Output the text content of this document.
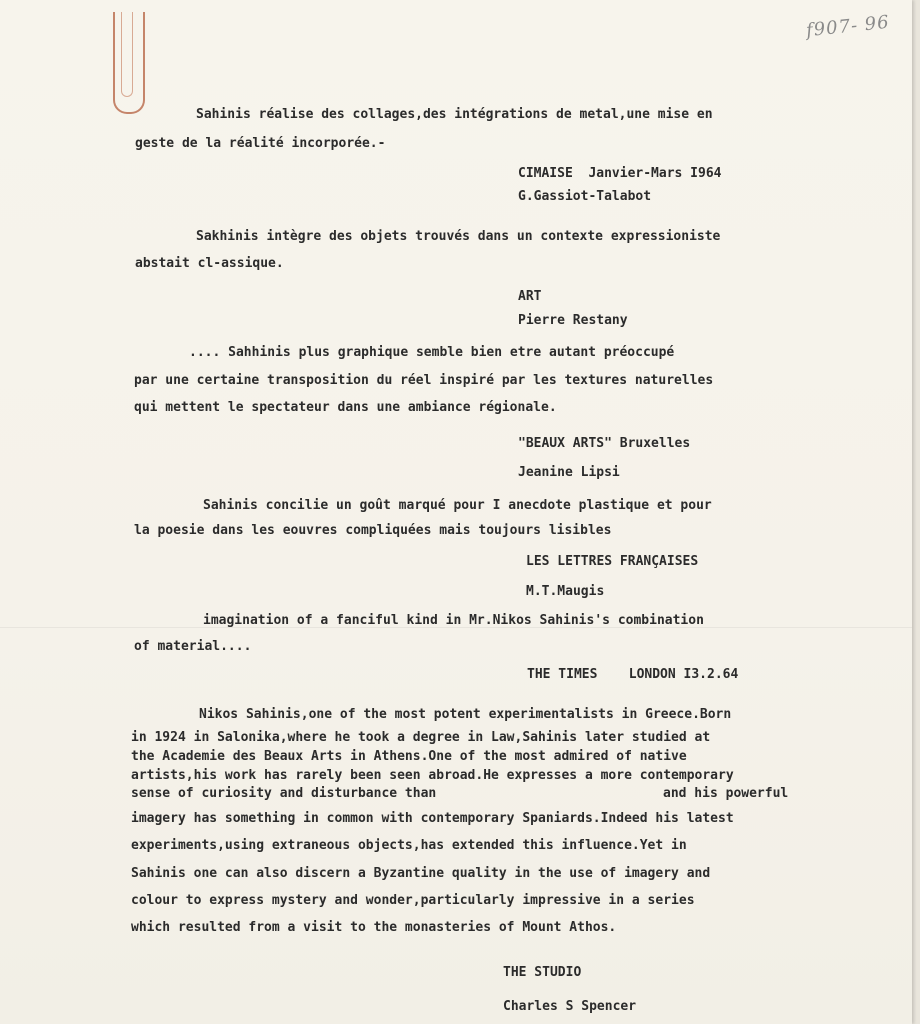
f907- 96
Sahinis réalise des collages,des intégrations de metal,une mise en
geste de la réalité incorporée.-
CIMAISE  Janvier-Mars I964
G.Gassiot-Talabot
Sakhinis intègre des objets trouvés dans un contexte expressioniste
abstait cl-assique.
ART
Pierre Restany
.... Sahhinis plus graphique semble bien etre autant préoccupé
par une certaine transposition du réel inspiré par les textures naturelles
qui mettent le spectateur dans une ambiance régionale.
"BEAUX ARTS" Bruxelles
Jeanine Lipsi
Sahinis concilie un goût marqué pour I anecdote plastique et pour
la poesie dans les eouvres compliquées mais toujours lisibles
LES LETTRES FRANÇAISES
M.T.Maugis
imagination of a fanciful kind in Mr.Nikos Sahinis's combination
of material....
THE TIMES    LONDON I3.2.64
Nikos Sahinis,one of the most potent experimentalists in Greece.Born
in 1924 in Salonika,where he took a degree in Law,Sahinis later studied at
the Academie des Beaux Arts in Athens.One of the most admired of native
artists,his work has rarely been seen abroad.He expresses a more contemporary
sense of curiosity and disturbance than	and his powerful
imagery has something in common with contemporary Spaniards.Indeed his latest
experiments,using extraneous objects,has extended this influence.Yet in
Sahinis one can also discern a Byzantine quality in the use of imagery and
colour to express mystery and wonder,particularly impressive in a series
which resulted from a visit to the monasteries of Mount Athos.
THE STUDIO
Charles S Spencer
